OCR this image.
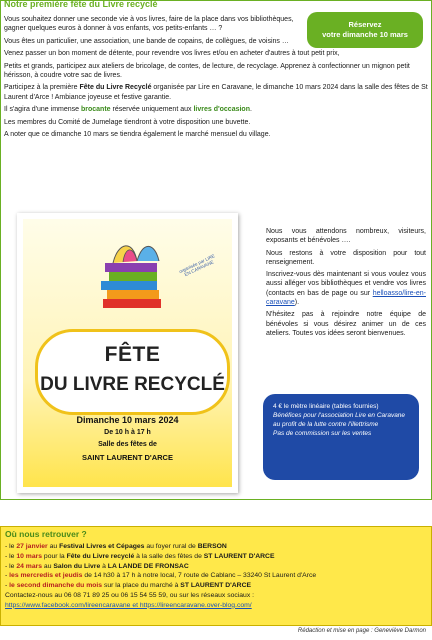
Notre première fête du Livre recyclé
Réservez
votre dimanche 10 mars

Vous souhaitez donner une seconde vie à vos livres, faire de la place dans vos bibliothèques, gagner quelques euros à donner à vos enfants, vos petits-enfants … ?

Vous êtes un particulier, une association, une bande de copains, de collègues, de voisins …

Venez passer un bon moment de détente, pour revendre vos livres et/ou en acheter d'autres à tout petit prix,

Petits et grands, participez aux ateliers de bricolage, de contes, de lecture, de recyclage. Apprenez à confectionner un mignon petit hérisson, à coudre votre sac de livres.

Participez à la première Fête du Livre Recyclé organisée par Lire en Caravane, le dimanche 10 mars 2024 dans la salle des fêtes de St Laurent d'Arce ! Ambiance joyeuse et festive garantie.

Il s'agira d'une immense brocante réservée uniquement aux livres d'occasion.

Les membres du Comité de Jumelage tiendront à votre disposition une buvette.

A noter que ce dimanche 10 mars se tiendra également le marché mensuel du village.

organisée par LIRE EN CARAVANE
FÊTE
DU LIVRE RECYCLÉ
Dimanche 10 mars 2024
De 10 h à 17 h
Salle des fêtes de
SAINT LAURENT D'ARCE

Nous vous attendons nombreux, visiteurs, exposants et bénévoles ….

Nous restons à votre disposition pour tout renseignement.

Inscrivez-vous dès maintenant si vous voulez vous aussi alléger vos bibliothèques et vendre vos livres (contacts en bas de page ou sur helloasso/lire-en-caravane).

N'hésitez pas à rejoindre notre équipe de bénévoles si vous désirez animer un de ces ateliers. Toutes vos idées seront bienvenues.

4 € le mètre linéaire (tables fournies)
Bénéfices pour l'association Lire en Caravane au profit de la lutte contre l'illettrisme
Pas de commission sur les ventes
Où nous retrouver ?
- le 27 janvier au Festival Livres et Cépages au foyer rural de BERSON
- le 10 mars pour la Fête du Livre recyclé à la salle des fêtes de ST LAURENT D'ARCE
- le 24 mars au Salon du Livre à LA LANDE DE FRONSAC
- les mercredis et jeudis de 14 h30 à 17 h à notre local, 7 route de Cablanc – 33240 St Laurent d'Arce
- le second dimanche du mois sur la place du marché à ST LAURENT D'ARCE
Contactez-nous au 06 08 71 89 25 ou 06 15 54 55 59, ou sur les réseaux sociaux :
https://www.facebook.com/lireencaravane et https://lireencaravane.over-blog.com/
Rédaction et mise en page : Geneviève Darmon
